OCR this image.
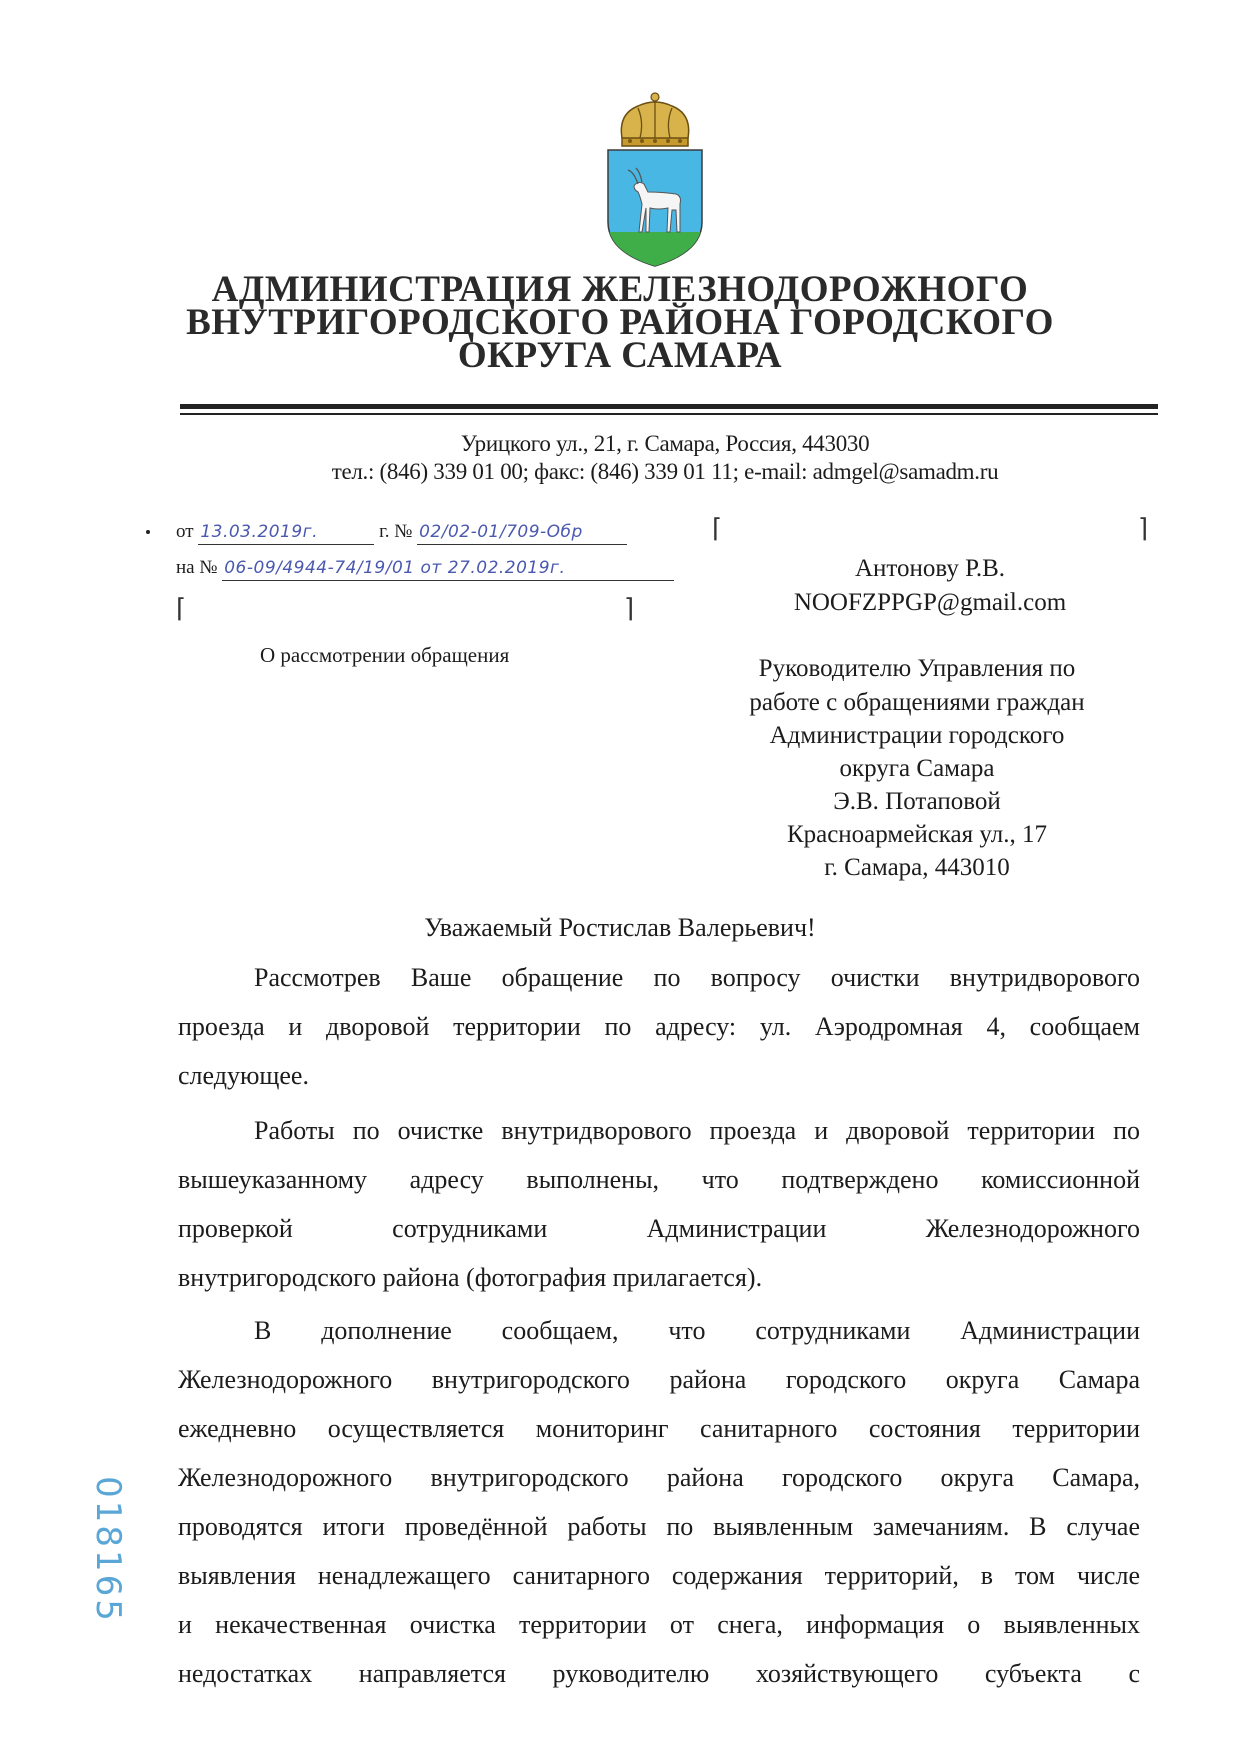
АДМИНИСТРАЦИЯ ЖЕЛЕЗНОДОРОЖНОГО
ВНУТРИГОРОДСКОГО РАЙОНА ГОРОДСКОГО
ОКРУГА САМАРА
Урицкого ул., 21, г. Самара, Россия, 443030
тел.: (846) 339 01 00; факс: (846) 339 01 11; e-mail: admgel@samadm.ru
от 13.03.2019г.	г. № 02/02-01/709-Обр
на № 06-09/4944-74/19/01 от 27.02.2019г.
⌈	⌉
О рассмотрении обращения
⌈	⌉
Антонову Р.В.
NOOFZPPGP@gmail.com
Руководителю Управления по
работе с обращениями граждан
Администрации городского
округа Самара
Э.В. Потаповой
Красноармейская ул., 17
г. Самара, 443010
Уважаемый Ростислав Валерьевич!
Рассмотрев Ваше обращение по вопросу очистки внутридворового
проезда и дворовой территории по адресу: ул. Аэродромная 4, сообщаем
следующее.
Работы по очистке внутридворового проезда и дворовой территории по
вышеуказанному адресу выполнены, что подтверждено комиссионной
проверкой сотрудниками Администрации Железнодорожного
внутригородского района (фотография прилагается).
В дополнение сообщаем, что сотрудниками Администрации
Железнодорожного внутригородского района городского округа Самара
ежедневно осуществляется мониторинг санитарного состояния территории
Железнодорожного внутригородского района городского округа Самара,
проводятся итоги проведённой работы по выявленным замечаниям. В случае
выявления ненадлежащего санитарного содержания территорий, в том числе
и некачественная очистка территории от снега, информация о выявленных
недостатках направляется руководителю хозяйствующего субъекта с
018165
